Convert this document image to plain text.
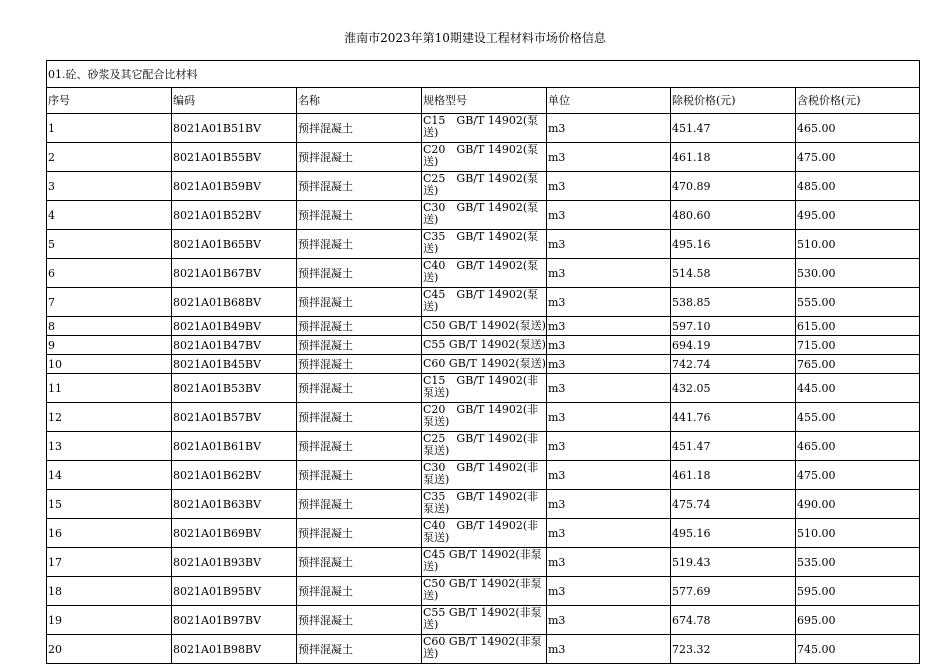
淮南市2023年第10期建设工程材料市场价格信息
01.砼、砂浆及其它配合比材料						
序号	编码	名称	规格型号	单位	除税价格(元)	含税价格(元)
1	8021A01B51BV	预拌混凝土	C15　GB/T 14902(泵送)	m3	451.47	465.00
2	8021A01B55BV	预拌混凝土	C20　GB/T 14902(泵送)	m3	461.18	475.00
3	8021A01B59BV	预拌混凝土	C25　GB/T 14902(泵送)	m3	470.89	485.00
4	8021A01B52BV	预拌混凝土	C30　GB/T 14902(泵送)	m3	480.60	495.00
5	8021A01B65BV	预拌混凝土	C35　GB/T 14902(泵送)	m3	495.16	510.00
6	8021A01B67BV	预拌混凝土	C40　GB/T 14902(泵送)	m3	514.58	530.00
7	8021A01B68BV	预拌混凝土	C45　GB/T 14902(泵送)	m3	538.85	555.00
8	8021A01B49BV	预拌混凝土	C50 GB/T 14902(泵送)	m3	597.10	615.00
9	8021A01B47BV	预拌混凝土	C55 GB/T 14902(泵送)	m3	694.19	715.00
10	8021A01B45BV	预拌混凝土	C60 GB/T 14902(泵送)	m3	742.74	765.00
11	8021A01B53BV	预拌混凝土	C15　GB/T 14902(非泵送)	m3	432.05	445.00
12	8021A01B57BV	预拌混凝土	C20　GB/T 14902(非泵送)	m3	441.76	455.00
13	8021A01B61BV	预拌混凝土	C25　GB/T 14902(非泵送)	m3	451.47	465.00
14	8021A01B62BV	预拌混凝土	C30　GB/T 14902(非泵送)	m3	461.18	475.00
15	8021A01B63BV	预拌混凝土	C35　GB/T 14902(非泵送)	m3	475.74	490.00
16	8021A01B69BV	预拌混凝土	C40　GB/T 14902(非泵送)	m3	495.16	510.00
17	8021A01B93BV	预拌混凝土	C45 GB/T 14902(非泵送)	m3	519.43	535.00
18	8021A01B95BV	预拌混凝土	C50 GB/T 14902(非泵送)	m3	577.69	595.00
19	8021A01B97BV	预拌混凝土	C55 GB/T 14902(非泵送)	m3	674.78	695.00
20	8021A01B98BV	预拌混凝土	C60 GB/T 14902(非泵送)	m3	723.32	745.00
